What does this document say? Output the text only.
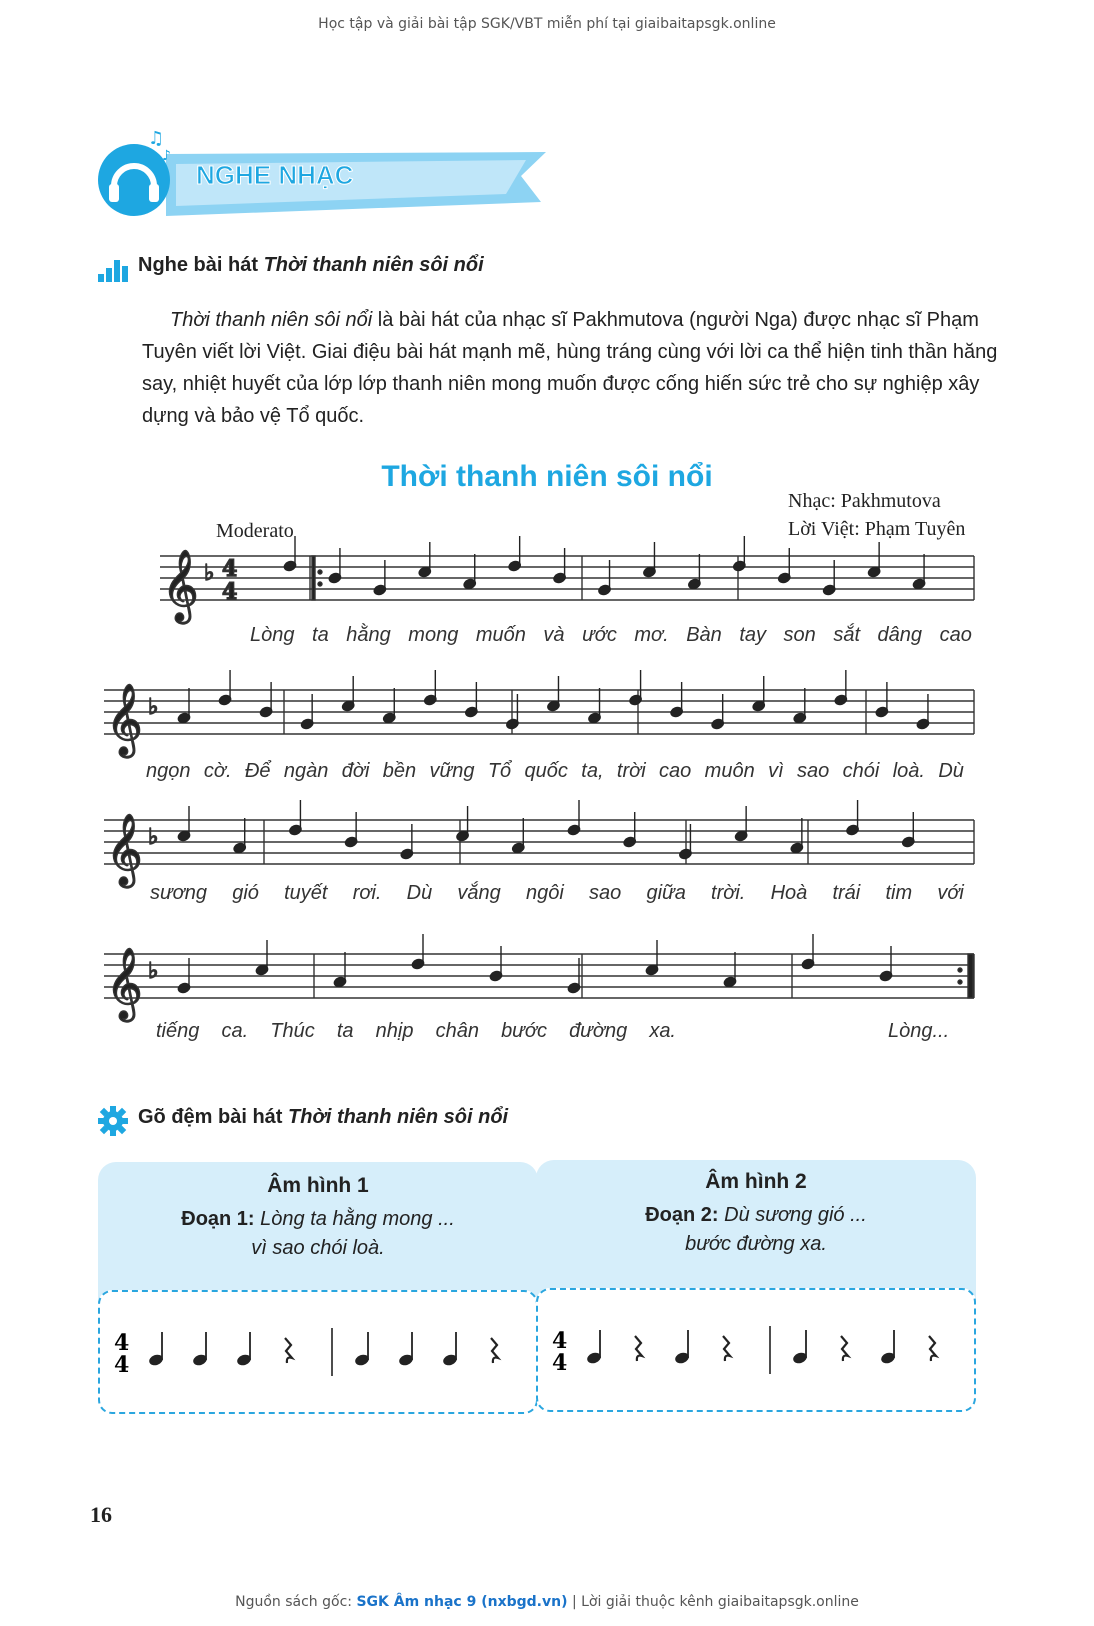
Học tập và giải bài tập SGK/VBT miễn phí tại giaibaitapsgk.online
♫
♪
NGHE NHẠC
Nghe bài hát Thời thanh niên sôi nổi
Thời thanh niên sôi nổi là bài hát của nhạc sĩ Pakhmutova (người Nga) được nhạc sĩ Phạm Tuyên viết lời Việt. Giai điệu bài hát mạnh mẽ, hùng tráng cùng với lời ca thể hiện tinh thần hăng say, nhiệt huyết của lớp lớp thanh niên mong muốn được cống hiến sức trẻ cho sự nghiệp xây dựng và bảo vệ Tổ quốc.
Thời thanh niên sôi nổi
Nhạc: Pakhmutova
Lời Việt: Phạm Tuyên
Moderato
𝄞 ♭ 4
4
𝄞 ♭
𝄞 ♭
𝄞 ♭
Lòng ta hằng mong muốn và ước mơ. Bàn tay son sắt dâng cao
ngọn cờ. Để ngàn đời bền vững Tổ quốc ta, trời cao muôn vì sao chói loà. Dù
sương gió tuyết rơi. Dù vắng ngôi sao giữa trời. Hoà trái tim với
tiếng ca. Thúc ta nhịp chân bước đường xa.	Lòng...
Gõ đệm bài hát Thời thanh niên sôi nổi
Âm hình 1
Đoạn 1: Lòng ta hằng mong ...
vì sao chói loà.
4
4
Âm hình 2
Đoạn 2: Dù sương gió ...
bước đường xa.
4
4
16
Nguồn sách gốc: SGK Âm nhạc 9 (nxbgd.vn) | Lời giải thuộc kênh giaibaitapsgk.online
